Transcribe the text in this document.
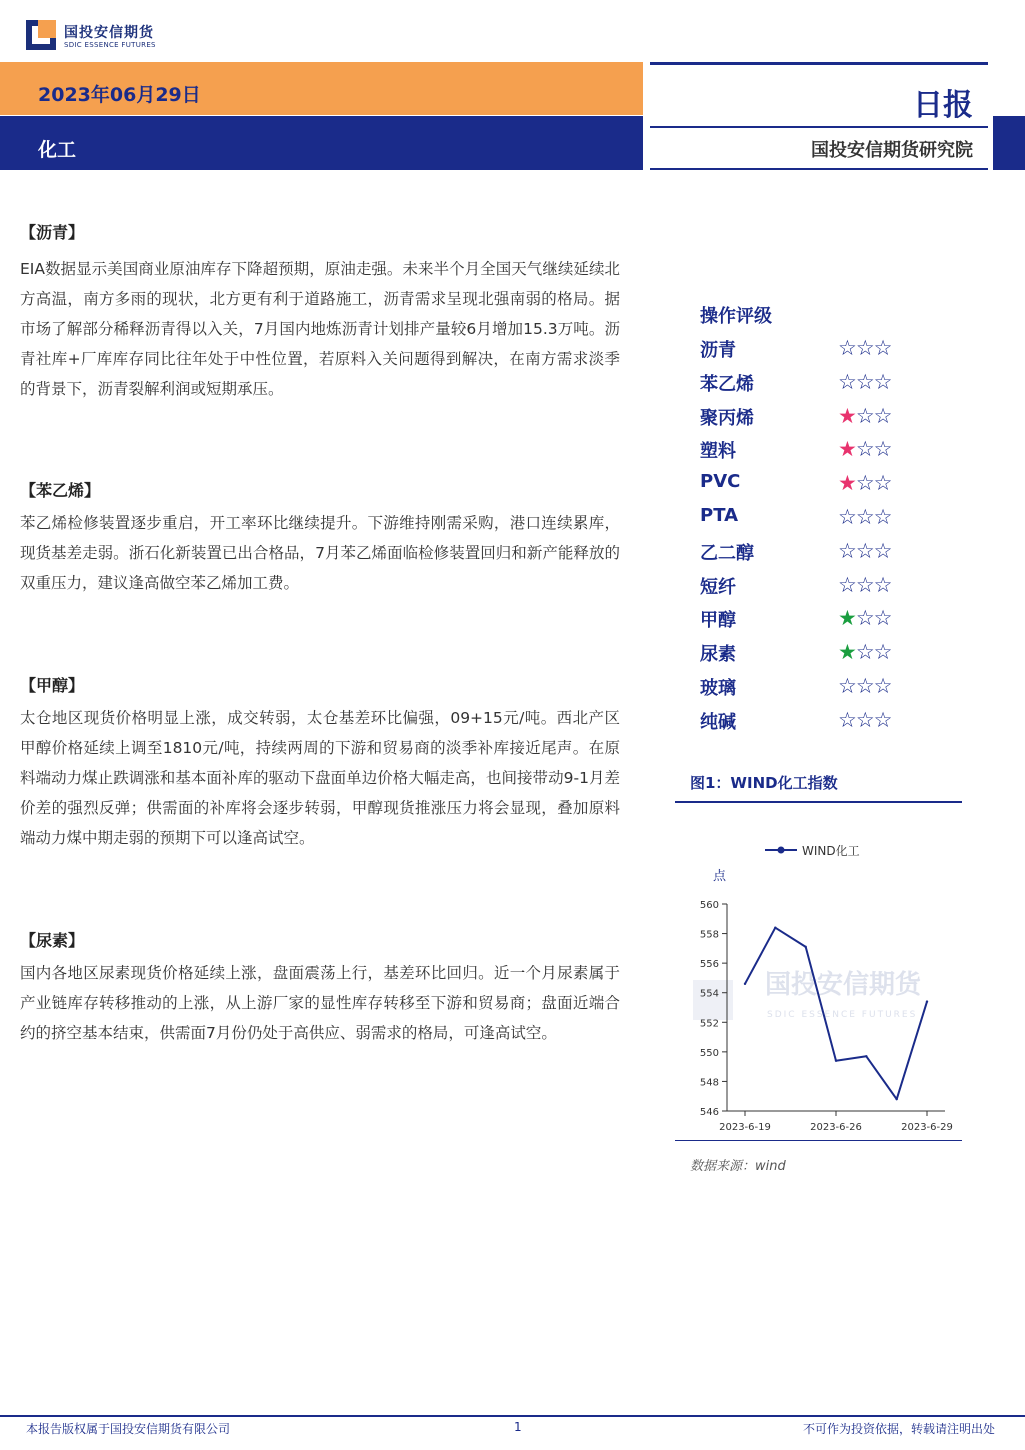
国投安信期货
SDIC ESSENCE FUTURES
2023年06月29日
化工
日报
国投安信期货研究院
【沥青】
EIA数据显示美国商业原油库存下降超预期，原油走强。未来半个月全国天气继续延续北方高温，南方多雨的现状，北方更有利于道路施工，沥青需求呈现北强南弱的格局。据市场了解部分稀释沥青得以入关，7月国内地炼沥青计划排产量较6月增加15.3万吨。沥青社库+厂库库存同比往年处于中性位置，若原料入关问题得到解决，在南方需求淡季的背景下，沥青裂解利润或短期承压。
【苯乙烯】
苯乙烯检修装置逐步重启，开工率环比继续提升。下游维持刚需采购，港口连续累库，现货基差走弱。浙石化新装置已出合格品，7月苯乙烯面临检修装置回归和新产能释放的双重压力，建议逢高做空苯乙烯加工费。
【甲醇】
太仓地区现货价格明显上涨，成交转弱，太仓基差环比偏强，09+15元/吨。西北产区甲醇价格延续上调至1810元/吨，持续两周的下游和贸易商的淡季补库接近尾声。在原料端动力煤止跌调涨和基本面补库的驱动下盘面单边价格大幅走高，也间接带动9-1月差价差的强烈反弹；供需面的补库将会逐步转弱，甲醇现货推涨压力将会显现，叠加原料端动力煤中期走弱的预期下可以逢高试空。
【尿素】
国内各地区尿素现货价格延续上涨，盘面震荡上行，基差环比回归。近一个月尿素属于产业链库存转移推动的上涨，从上游厂家的显性库存转移至下游和贸易商；盘面近端合约的挤空基本结束，供需面7月份仍处于高供应、弱需求的格局，可逢高试空。
操作评级
沥青	☆☆☆
苯乙烯	☆☆☆
聚丙烯	★☆☆
塑料	★☆☆
PVC	★☆☆
PTA	☆☆☆
乙二醇	☆☆☆
短纤	☆☆☆
甲醇	★☆☆
尿素	★☆☆
玻璃	☆☆☆
纯碱	☆☆☆
图1：WIND化工指数
国投安信期货
SDIC ESSENCE FUTURES
WIND化工
点
546
548
550
552
554
556
558
560
2023-6-19	2023-6-26	2023-6-29
数据来源：wind
本报告版权属于国投安信期货有限公司	1	不可作为投资依据，转载请注明出处
